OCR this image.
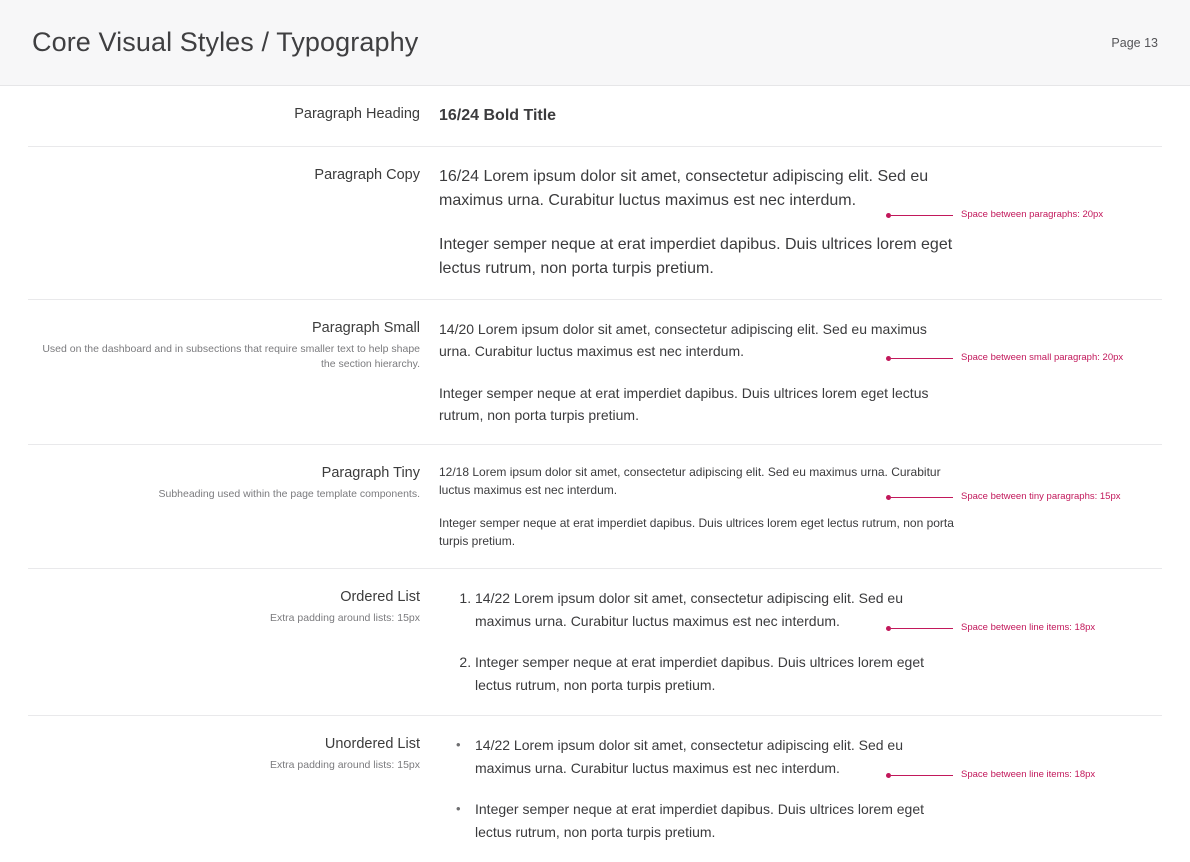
Core Visual Styles / Typography	Page 13
Paragraph Heading 16/24 Bold Title
Paragraph Copy 16/24 Lorem ipsum dolor sit amet, consectetur adipiscing elit. Sed eu maximus urna. Curabitur luctus maximus est nec interdum.
Integer semper neque at erat imperdiet dapibus. Duis ultrices lorem eget lectus rutrum, non porta turpis pretium.
Space between paragraphs: 20px
Paragraph Small
Used on the dashboard and in subsections that require smaller text to help shape the section hierarchy.
14/20 Lorem ipsum dolor sit amet, consectetur adipiscing elit. Sed eu maximus urna. Curabitur luctus maximus est nec interdum.
Integer semper neque at erat imperdiet dapibus. Duis ultrices lorem eget lectus rutrum, non porta turpis pretium.
Space between small paragraph: 20px
Paragraph Tiny
Subheading used within the page template components.
12/18 Lorem ipsum dolor sit amet, consectetur adipiscing elit. Sed eu maximus urna. Curabitur luctus maximus est nec interdum.
Integer semper neque at erat imperdiet dapibus. Duis ultrices lorem eget lectus rutrum, non porta turpis pretium.
Space between tiny paragraphs: 15px
Ordered List
Extra padding around lists: 15px
1. 14/22 Lorem ipsum dolor sit amet, consectetur adipiscing elit. Sed eu maximus urna. Curabitur luctus maximus est nec interdum.
2. Integer semper neque at erat imperdiet dapibus. Duis ultrices lorem eget lectus rutrum, non porta turpis pretium.
Space between line items: 18px
Unordered List
Extra padding around lists: 15px
• 14/22 Lorem ipsum dolor sit amet, consectetur adipiscing elit. Sed eu maximus urna. Curabitur luctus maximus est nec interdum.
• Integer semper neque at erat imperdiet dapibus. Duis ultrices lorem eget lectus rutrum, non porta turpis pretium.
Space between line items: 18px
